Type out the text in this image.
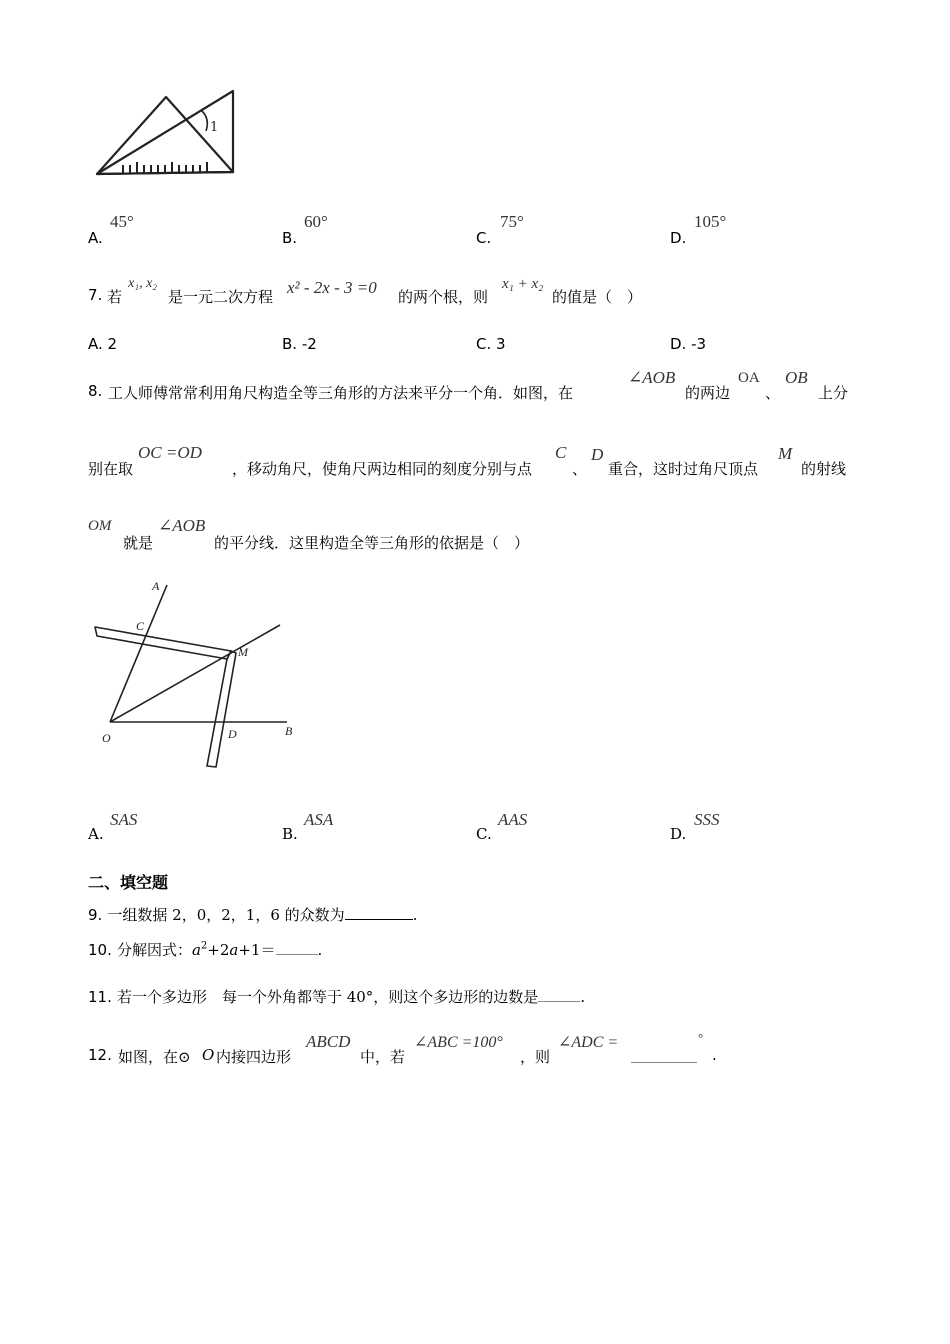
1
A.
45°
B.
60°
C.
75°
D.
105°
7. 若
x₁, x₂
是一元二次方程 x² - 2x - 3 =0 的两个根，则
x₁ + x₂
的值是（　）
A. 2	B. -2	C. 3	D. -3
8. 工人师傅常常利用角尺构造全等三角形的方法来平分一个角．如图，在
∠AOB
的两边
OA
、
OB
上分
别在取
OC =OD
，移动角尺，使角尺两边相同的刻度分别与点
C
、
D
重合，这时过角尺顶点
M
的射线
OM
就是
∠AOB
的平分线．这里构造全等三角形的依据是（　）
A
C
M
O	D	B
A.
SAS
B.
ASA
C.
AAS
D.
SSS
二、填空题
9. 一组数据 2，0，2，1，6 的众数为	.
10. 分解因式：$a^2+2a+1=$	.
11. 若一个多边形　每一个外角都等于 40°，则这个多边形的边数是	.
12. 如图，在⊙ O 内接四边形
ABCD
中，若
∠ABC =100°
，则
∠ADC =	°
.
